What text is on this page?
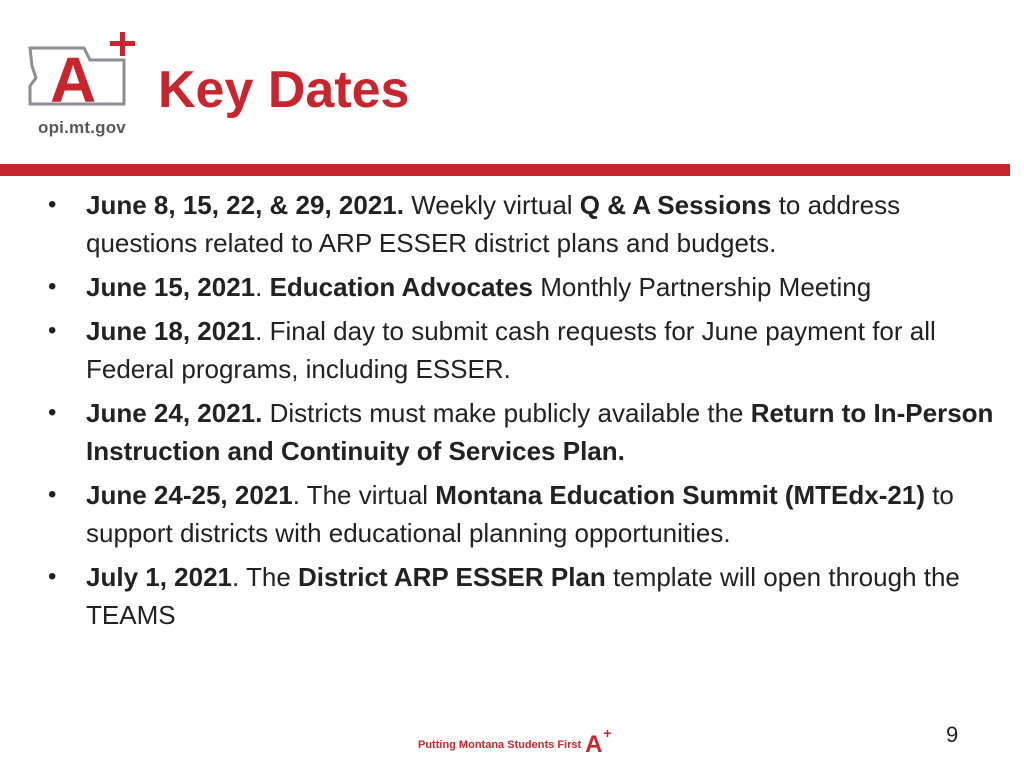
A
opi.mt.gov
Key Dates
• June 8, 15, 22, & 29, 2021. Weekly virtual Q & A Sessions to address questions related to ARP ESSER district plans and budgets.
• June 15, 2021. Education Advocates Monthly Partnership Meeting
• June 18, 2021. Final day to submit cash requests for June payment for all Federal programs, including ESSER.
• June 24, 2021. Districts must make publicly available the Return to In-Person Instruction and Continuity of Services Plan.
• June 24-25, 2021. The virtual Montana Education Summit (MTEdx-21) to support districts with educational planning opportunities.
• July 1, 2021. The District ARP ESSER Plan template will open through the TEAMS
9
Putting Montana Students First A +
